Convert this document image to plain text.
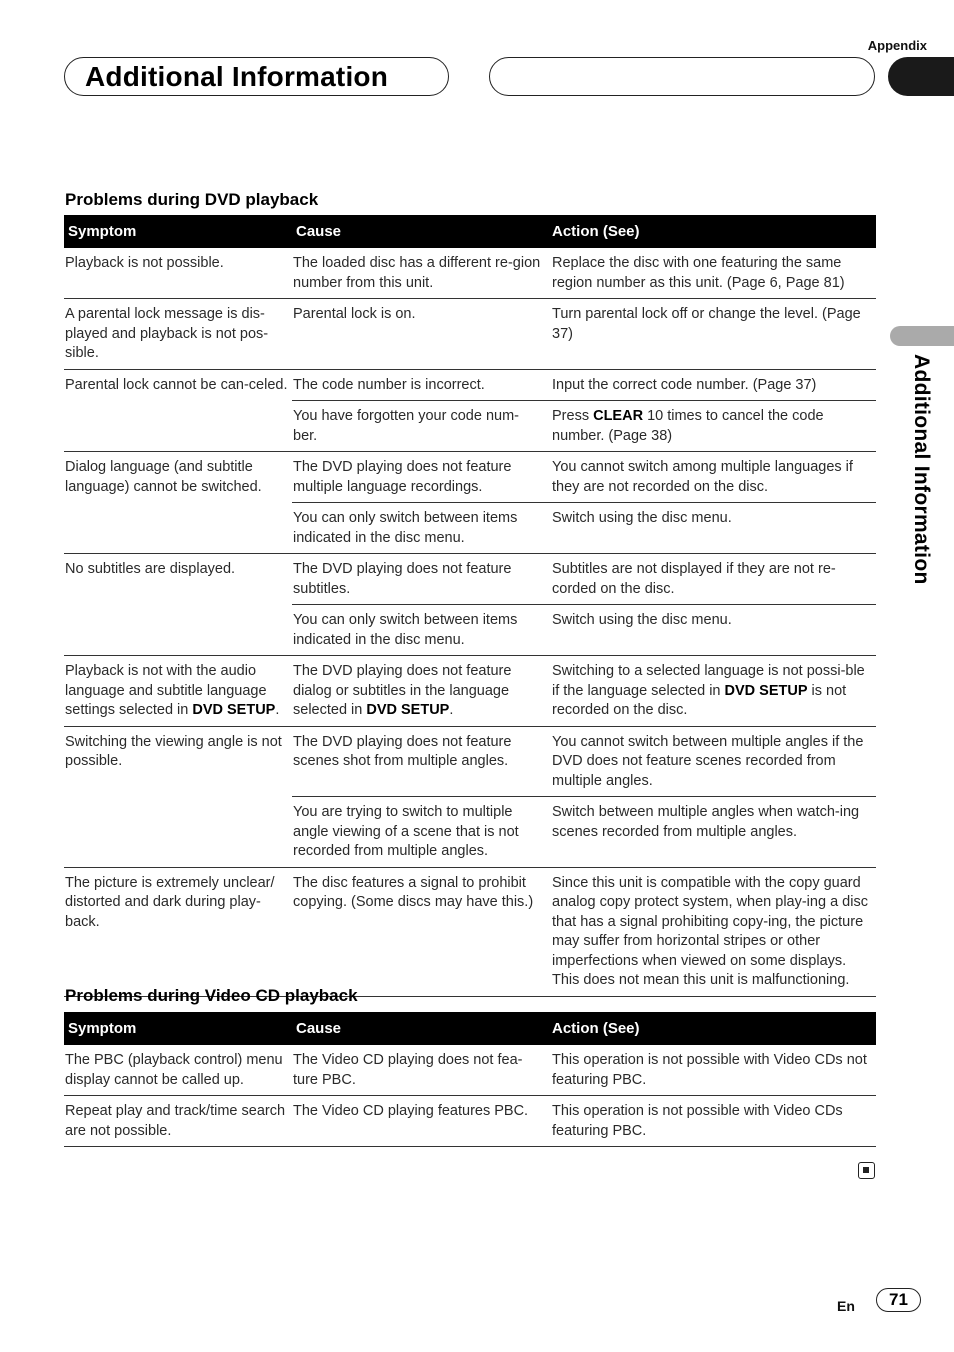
Appendix
Additional Information
Additional Information
Problems during DVD playback
Symptom	Cause	Action (See)
Playback is not possible.	The loaded disc has a different re-gion number from this unit.	Replace the disc with one featuring the same region number as this unit. (Page 6, Page 81)
A parental lock message is dis-played and playback is not pos-sible.	Parental lock is on.	Turn parental lock off or change the level. (Page 37)
Parental lock cannot be can-celed.	The code number is incorrect.	Input the correct code number. (Page 37)
	You have forgotten your code num-ber.	Press CLEAR 10 times to cancel the code number. (Page 38)
Dialog language (and subtitle language) cannot be switched.	The DVD playing does not feature multiple language recordings.	You cannot switch among multiple languages if they are not recorded on the disc.
	You can only switch between items indicated in the disc menu.	Switch using the disc menu.
No subtitles are displayed.	The DVD playing does not feature subtitles.	Subtitles are not displayed if they are not re-corded on the disc.
	You can only switch between items indicated in the disc menu.	Switch using the disc menu.
Playback is not with the audio language and subtitle language settings selected in DVD SETUP.	The DVD playing does not feature dialog or subtitles in the language selected in DVD SETUP.	Switching to a selected language is not possi-ble if the language selected in DVD SETUP is not recorded on the disc.
Switching the viewing angle is not possible.	The DVD playing does not feature scenes shot from multiple angles.	You cannot switch between multiple angles if the DVD does not feature scenes recorded from multiple angles.
	You are trying to switch to multiple angle viewing of a scene that is not recorded from multiple angles.	Switch between multiple angles when watch-ing scenes recorded from multiple angles.
The picture is extremely unclear/ distorted and dark during play-back.	The disc features a signal to prohibit copying. (Some discs may have this.)	Since this unit is compatible with the copy guard analog copy protect system, when play-ing a disc that has a signal prohibiting copy-ing, the picture may suffer from horizontal stripes or other imperfections when viewed on some displays. This does not mean this unit is malfunctioning.
Problems during Video CD playback
Symptom	Cause	Action (See)
The PBC (playback control) menu display cannot be called up.	The Video CD playing does not fea-ture PBC.	This operation is not possible with Video CDs not featuring PBC.
Repeat play and track/time search are not possible.	The Video CD playing features PBC.	This operation is not possible with Video CDs featuring PBC.
En	71
